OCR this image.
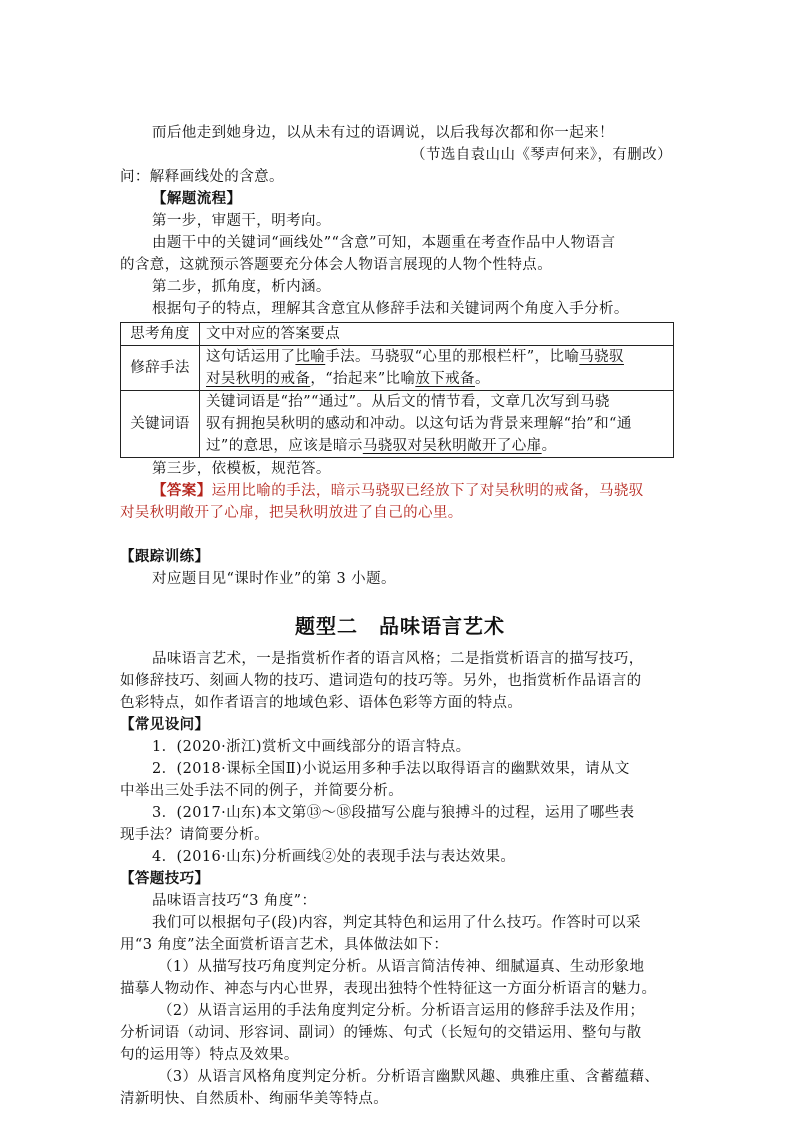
而后他走到她身边，以从未有过的语调说，以后我每次都和你一起来！
（节选自袁山山《琴声何来》，有删改）
问：解释画线处的含意。
【解题流程】
第一步，审题干，明考向。
由题干中的关键词“画线处”“含意”可知，本题重在考查作品中人物语言
的含意，这就预示答题要充分体会人物语言展现的人物个性特点。
第二步，抓角度，析内涵。
根据句子的特点，理解其含意宜从修辞手法和关键词两个角度入手分析。
思考角度	文中对应的答案要点
修辞手法	这句话运用了比喻手法。马骁驭“心里的那根栏杆”，比喻马骁驭
对吴秋明的戒备，“抬起来”比喻放下戒备。

关键词语	关键词语是“抬”“通过”。从后文的情节看，文章几次写到马骁
驭有拥抱吴秋明的感动和冲动。以这句话为背景来理解“抬”和“通
过”的意思，应该是暗示马骁驭对吴秋明敞开了心扉。
第三步，依模板，规范答。
【答案】运用比喻的手法，暗示马骁驭已经放下了对吴秋明的戒备，马骁驭
对吴秋明敞开了心扉，把吴秋明放进了自己的心里。
【跟踪训练】
对应题目见“课时作业”的第 3 小题。
题型二　品味语言艺术
品味语言艺术，一是指赏析作者的语言风格；二是指赏析语言的描写技巧，
如修辞技巧、刻画人物的技巧、遣词造句的技巧等。另外，也指赏析作品语言的
色彩特点，如作者语言的地域色彩、语体色彩等方面的特点。
【常见设问】
1．(2020·浙江)赏析文中画线部分的语言特点。
2．(2018·课标全国Ⅱ)小说运用多种手法以取得语言的幽默效果，请从文
中举出三处手法不同的例子，并简要分析。
3．(2017·山东)本文第⑬～⑱段描写公鹿与狼搏斗的过程，运用了哪些表
现手法？请简要分析。
4．(2016·山东)分析画线②处的表现手法与表达效果。
【答题技巧】
品味语言技巧“3 角度”：
我们可以根据句子(段)内容，判定其特色和运用了什么技巧。作答时可以采
用“3 角度”法全面赏析语言艺术，具体做法如下：
（1）从描写技巧角度判定分析。从语言简洁传神、细腻逼真、生动形象地
描摹人物动作、神态与内心世界，表现出独特个性特征这一方面分析语言的魅力。
（2）从语言运用的手法角度判定分析。分析语言运用的修辞手法及作用；
分析词语（动词、形容词、副词）的锤炼、句式（长短句的交错运用、整句与散
句的运用等）特点及效果。
（3）从语言风格角度判定分析。分析语言幽默风趣、典雅庄重、含蓄蕴藉、
清新明快、自然质朴、绚丽华美等特点。
